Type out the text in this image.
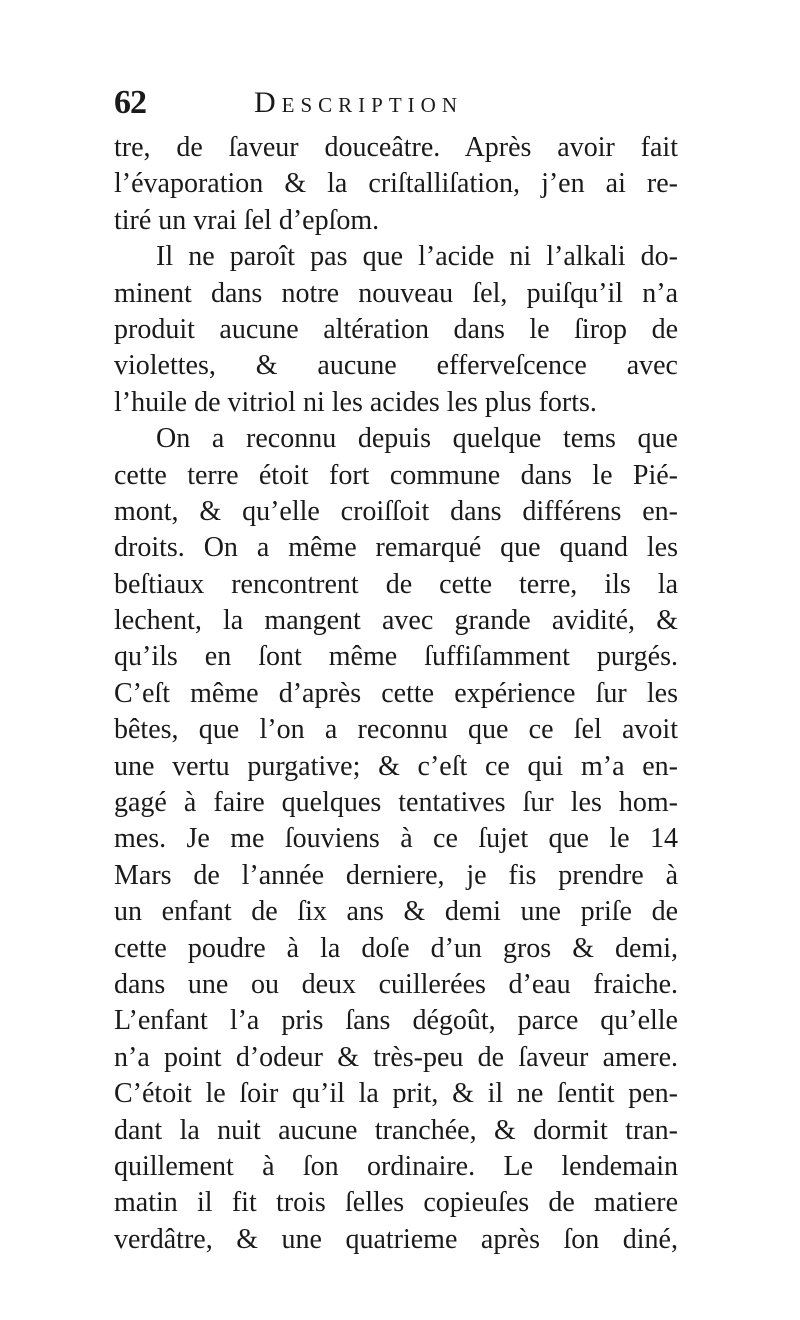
62	Description
tre, de ſaveur douceâtre. Après avoir fait
l’évaporation & la criſtalliſation, j’en ai re-
tiré un vrai ſel d’epſom.
Il ne paroît pas que l’acide ni l’alkali do-
minent dans notre nouveau ſel, puiſqu’il n’a
produit aucune altération dans le ſirop de
violettes, & aucune efferveſcence avec
l’huile de vitriol ni les acides les plus forts.
On a reconnu depuis quelque tems que
cette terre étoit fort commune dans le Pié-
mont, & qu’elle croiſſoit dans différens en-
droits. On a même remarqué que quand les
beſtiaux rencontrent de cette terre, ils la
lechent, la mangent avec grande avidité, &
qu’ils en ſont même ſuffiſamment purgés.
C’eſt même d’après cette expérience ſur les
bêtes, que l’on a reconnu que ce ſel avoit
une vertu purgative; & c’eſt ce qui m’a en-
gagé à faire quelques tentatives ſur les hom-
mes. Je me ſouviens à ce ſujet que le 14
Mars de l’année derniere, je fis prendre à
un enfant de ſix ans & demi une priſe de
cette poudre à la doſe d’un gros & demi,
dans une ou deux cuillerées d’eau fraiche.
L’enfant l’a pris ſans dégoût, parce qu’elle
n’a point d’odeur & très-peu de ſaveur amere.
C’étoit le ſoir qu’il la prit, & il ne ſentit pen-
dant la nuit aucune tranchée, & dormit tran-
quillement à ſon ordinaire. Le lendemain
matin il fit trois ſelles copieuſes de matiere
verdâtre, & une quatrieme après ſon diné,
